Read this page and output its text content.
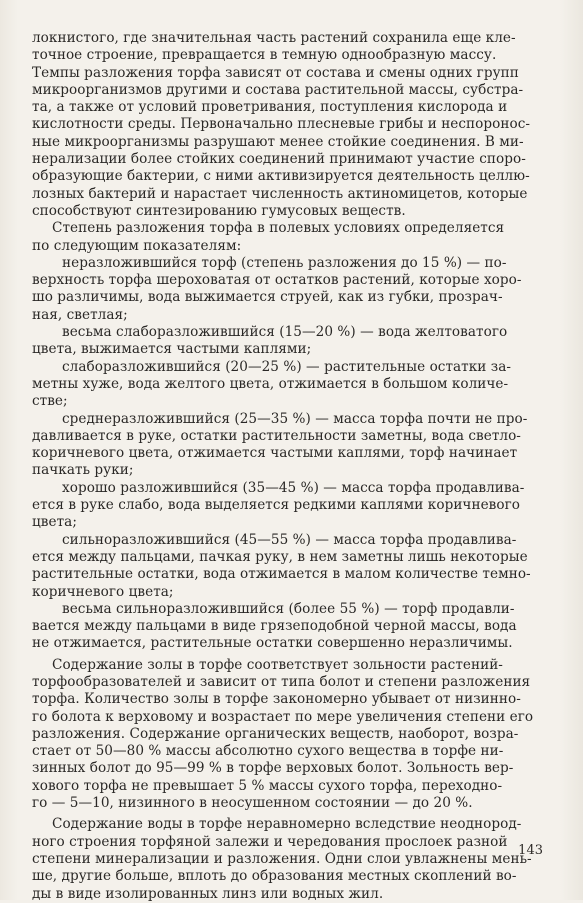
локнистого, где значительная часть растений сохранила еще кле-
точное строение, превращается в темную однообразную массу.
Темпы разложения торфа зависят от состава и смены одних групп
микроорганизмов другими и состава растительной массы, субстра-
та, а также от условий проветривания, поступления кислорода и
кислотности среды. Первоначально плесневые грибы и неспоронос-
ные микроорганизмы разрушают менее стойкие соединения. В ми-
нерализации более стойких соединений принимают участие споро-
образующие бактерии, с ними активизируется деятельность целлю-
лозных бактерий и нарастает численность актиномицетов, которые
способствуют синтезированию гумусовых веществ.
Степень разложения торфа в полевых условиях определяется
по следующим показателям:
неразложившийся торф (степень разложения до 15 %) — по-
верхность торфа шероховатая от остатков растений, которые хоро-
шо различимы, вода выжимается струей, как из губки, прозрач-
ная, светлая;
весьма слаборазложившийся (15—20 %) — вода желтоватого
цвета, выжимается частыми каплями;
слаборазложившийся (20—25 %) — растительные остатки за-
метны хуже, вода желтого цвета, отжимается в большом количе-
стве;
среднеразложившийся (25—35 %) — масса торфа почти не про-
давливается в руке, остатки растительности заметны, вода светло-
коричневого цвета, отжимается частыми каплями, торф начинает
пачкать руки;
хорошо разложившийся (35—45 %) — масса торфа продавлива-
ется в руке слабо, вода выделяется редкими каплями коричневого
цвета;
сильноразложившийся (45—55 %) — масса торфа продавлива-
ется между пальцами, пачкая руку, в нем заметны лишь некоторые
растительные остатки, вода отжимается в малом количестве темно-
коричневого цвета;
весьма сильноразложившийся (более 55 %) — торф продавли-
вается между пальцами в виде грязеподобной черной массы, вода
не отжимается, растительные остатки совершенно неразличимы.
Содержание золы в торфе соответствует зольности растений-
торфообразователей и зависит от типа болот и степени разложения
торфа. Количество золы в торфе закономерно убывает от низинно-
го болота к верховому и возрастает по мере увеличения степени его
разложения. Содержание органических веществ, наоборот, возра-
стает от 50—80 % массы абсолютно сухого вещества в торфе ни-
зинных болот до 95—99 % в торфе верховых болот. Зольность вер-
хового торфа не превышает 5 % массы сухого торфа, переходно-
го — 5—10, низинного в неосушенном состоянии — до 20 %.
Содержание воды в торфе неравномерно вследствие неоднород-
ного строения торфяной залежи и чередования прослоек разной
степени минерализации и разложения. Одни слои увлажнены мень-
ше, другие больше, вплоть до образования местных скоплений во-
ды в виде изолированных линз или водных жил.
143
